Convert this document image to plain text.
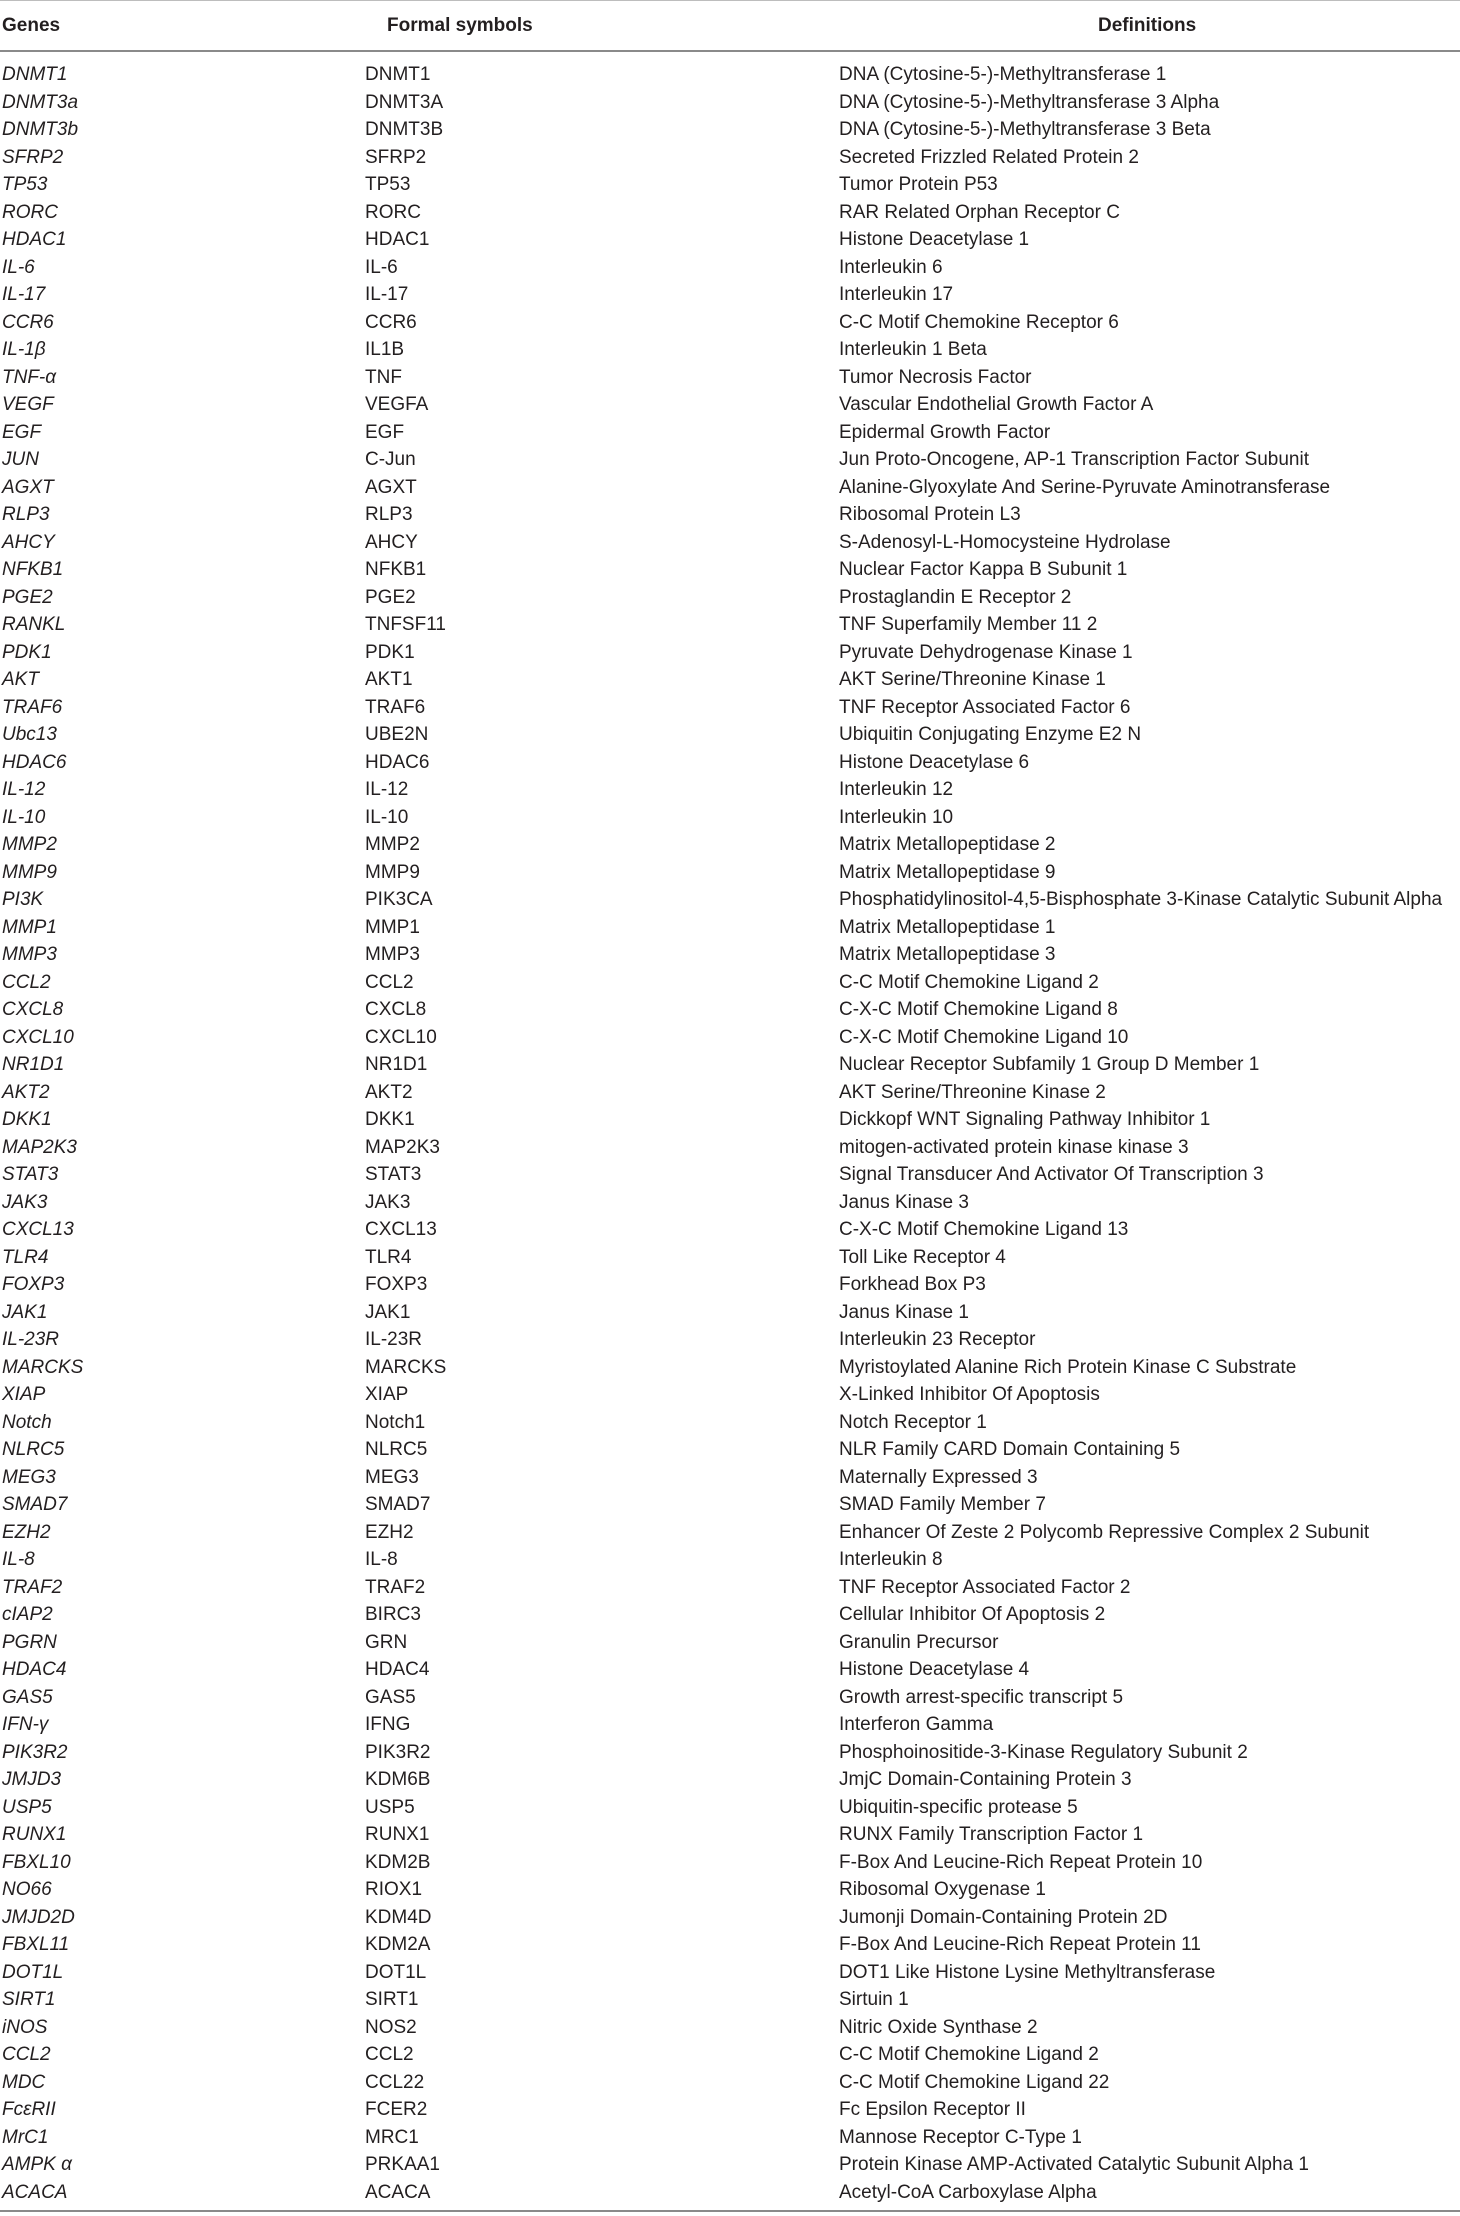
Genes	Formal symbols	Definitions
DNMT1	DNMT1	DNA (Cytosine-5-)-Methyltransferase 1
DNMT3a	DNMT3A	DNA (Cytosine-5-)-Methyltransferase 3 Alpha
DNMT3b	DNMT3B	DNA (Cytosine-5-)-Methyltransferase 3 Beta
SFRP2	SFRP2	Secreted Frizzled Related Protein 2
TP53	TP53	Tumor Protein P53
RORC	RORC	RAR Related Orphan Receptor C
HDAC1	HDAC1	Histone Deacetylase 1
IL-6	IL-6	Interleukin 6
IL-17	IL-17	Interleukin 17
CCR6	CCR6	C-C Motif Chemokine Receptor 6
IL-1β	IL1B	Interleukin 1 Beta
TNF-α	TNF	Tumor Necrosis Factor
VEGF	VEGFA	Vascular Endothelial Growth Factor A
EGF	EGF	Epidermal Growth Factor
JUN	C-Jun	Jun Proto-Oncogene, AP-1 Transcription Factor Subunit
AGXT	AGXT	Alanine-Glyoxylate And Serine-Pyruvate Aminotransferase
RLP3	RLP3	Ribosomal Protein L3
AHCY	AHCY	S-Adenosyl-L-Homocysteine Hydrolase
NFKB1	NFKB1	Nuclear Factor Kappa B Subunit 1
PGE2	PGE2	Prostaglandin E Receptor 2
RANKL	TNFSF11	TNF Superfamily Member 11 2
PDK1	PDK1	Pyruvate Dehydrogenase Kinase 1
AKT	AKT1	AKT Serine/Threonine Kinase 1
TRAF6	TRAF6	TNF Receptor Associated Factor 6
Ubc13	UBE2N	Ubiquitin Conjugating Enzyme E2 N
HDAC6	HDAC6	Histone Deacetylase 6
IL-12	IL-12	Interleukin 12
IL-10	IL-10	Interleukin 10
MMP2	MMP2	Matrix Metallopeptidase 2
MMP9	MMP9	Matrix Metallopeptidase 9
PI3K	PIK3CA	Phosphatidylinositol-4,5-Bisphosphate 3-Kinase Catalytic Subunit Alpha
MMP1	MMP1	Matrix Metallopeptidase 1
MMP3	MMP3	Matrix Metallopeptidase 3
CCL2	CCL2	C-C Motif Chemokine Ligand 2
CXCL8	CXCL8	C-X-C Motif Chemokine Ligand 8
CXCL10	CXCL10	C-X-C Motif Chemokine Ligand 10
NR1D1	NR1D1	Nuclear Receptor Subfamily 1 Group D Member 1
AKT2	AKT2	AKT Serine/Threonine Kinase 2
DKK1	DKK1	Dickkopf WNT Signaling Pathway Inhibitor 1
MAP2K3	MAP2K3	mitogen-activated protein kinase kinase 3
STAT3	STAT3	Signal Transducer And Activator Of Transcription 3
JAK3	JAK3	Janus Kinase 3
CXCL13	CXCL13	C-X-C Motif Chemokine Ligand 13
TLR4	TLR4	Toll Like Receptor 4
FOXP3	FOXP3	Forkhead Box P3
JAK1	JAK1	Janus Kinase 1
IL-23R	IL-23R	Interleukin 23 Receptor
MARCKS	MARCKS	Myristoylated Alanine Rich Protein Kinase C Substrate
XIAP	XIAP	X-Linked Inhibitor Of Apoptosis
Notch	Notch1	Notch Receptor 1
NLRC5	NLRC5	NLR Family CARD Domain Containing 5
MEG3	MEG3	Maternally Expressed 3
SMAD7	SMAD7	SMAD Family Member 7
EZH2	EZH2	Enhancer Of Zeste 2 Polycomb Repressive Complex 2 Subunit
IL-8	IL-8	Interleukin 8
TRAF2	TRAF2	TNF Receptor Associated Factor 2
cIAP2	BIRC3	Cellular Inhibitor Of Apoptosis 2
PGRN	GRN	Granulin Precursor
HDAC4	HDAC4	Histone Deacetylase 4
GAS5	GAS5	Growth arrest-specific transcript 5
IFN-γ	IFNG	Interferon Gamma
PIK3R2	PIK3R2	Phosphoinositide-3-Kinase Regulatory Subunit 2
JMJD3	KDM6B	JmjC Domain-Containing Protein 3
USP5	USP5	Ubiquitin-specific protease 5
RUNX1	RUNX1	RUNX Family Transcription Factor 1
FBXL10	KDM2B	F-Box And Leucine-Rich Repeat Protein 10
NO66	RIOX1	Ribosomal Oxygenase 1
JMJD2D	KDM4D	Jumonji Domain-Containing Protein 2D
FBXL11	KDM2A	F-Box And Leucine-Rich Repeat Protein 11
DOT1L	DOT1L	DOT1 Like Histone Lysine Methyltransferase
SIRT1	SIRT1	Sirtuin 1
iNOS	NOS2	Nitric Oxide Synthase 2
CCL2	CCL2	C-C Motif Chemokine Ligand 2
MDC	CCL22	C-C Motif Chemokine Ligand 22
FcεRII	FCER2	Fc Epsilon Receptor II
MrC1	MRC1	Mannose Receptor C-Type 1
AMPK α	PRKAA1	Protein Kinase AMP-Activated Catalytic Subunit Alpha 1
ACACA	ACACA	Acetyl-CoA Carboxylase Alpha
